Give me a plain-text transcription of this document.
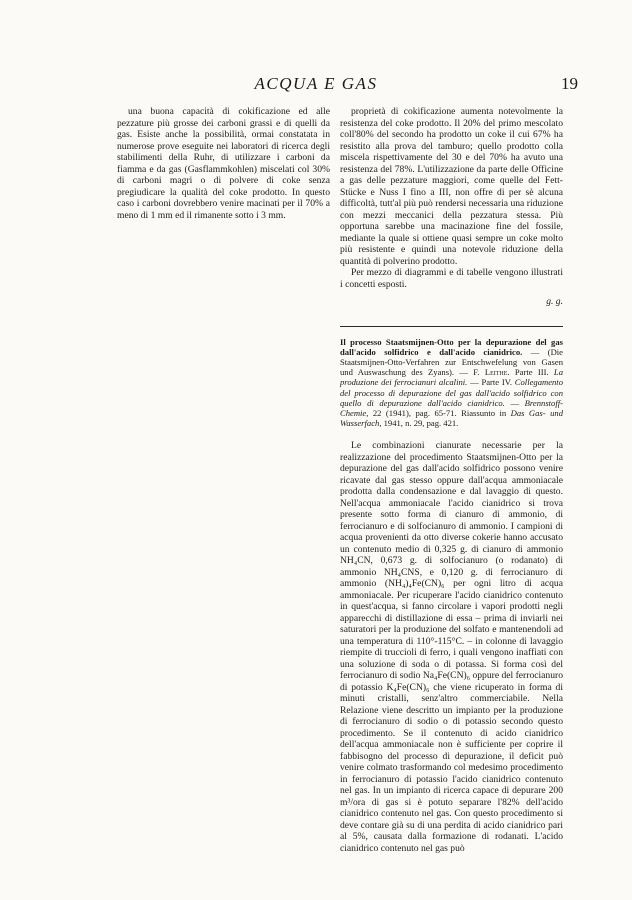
ACQUA E GAS	19

una buona capacità di cokificazione ed alle pezzature più grosse dei carboni grassi e di quelli da gas. Esiste anche la possibilità, ormai constatata in numerose prove eseguite nei laboratori di ricerca degli stabilimenti della Ruhr, di utilizzare i carboni da fiamma e da gas (Gasflammkohlen) miscelati col 30% di carboni magri o di polvere di coke senza pregiudicare la qualità del coke prodotto. In questo caso i carboni dovrebbero venire macinati per il 70% a meno di 1 mm ed il rimanente sotto i 3 mm.

proprietà di cokificazione aumenta notevolmente la resistenza del coke prodotto. Il 20% del primo mescolato coll'80% del secondo ha prodotto un coke il cui 67% ha resistito alla prova del tamburo; quello prodotto colla miscela rispettivamente del 30 e del 70% ha avuto una resistenza del 78%. L'utilizzazione da parte delle Officine a gas delle pezzature maggiori, come quelle del Fett-Stücke e Nuss I fino a III, non offre di per sè alcuna difficoltà, tutt'al più può rendersi necessaria una riduzione con mezzi meccanici della pezzatura stessa. Più opportuna sarebbe una macinazione fine del fossile, mediante la quale si ottiene quasi sempre un coke molto più resistente e quindi una notevole riduzione della quantità di polverino prodotto.

Per mezzo di diagrammi e di tabelle vengono illustrati i concetti esposti.

g. g.

Il processo Staatsmijnen-Otto per la depurazione del gas dall'acido solfidrico e dall'acido cianidrico. — (Die Staatsmijnen-Otto-Verfahren zur Entschwefelung von Gasen und Auswaschung des Zyans). — F. Leithe. Parte III. La produzione dei ferrocianuri alcalini. — Parte IV. Collegamento del processo di depurazione del gas dall'acido solfidrico con quello di depurazione dall'acido cianidrico. — Brennstoff-Chemie, 22 (1941), pag. 65-71. Riassunto in Das Gas- und Wasserfach, 1941, n. 29, pag. 421.

Le combinazioni cianurate necessarie per la realizzazione del procedimento Staatsmijnen-Otto per la depurazione del gas dall'acido solfidrico possono venire ricavate dal gas stesso oppure dall'acqua ammoniacale prodotta dalla condensazione e dal lavaggio di questo. Nell'acqua ammoniacale l'acido cianidrico si trova presente sotto forma di cianuro di ammonio, di ferrocianuro e di solfocianuro di ammonio. I campioni di acqua provenienti da otto diverse cokerie hanno accusato un contenuto medio di 0,325 g. di cianuro di ammonio NH₄CN, 0,673 g. di solfocianuro (o rodanato) di ammonio NH₄CNS, e 0,120 g. di ferrocianuro di ammonio (NH₄)₄Fe(CN)₆ per ogni litro di acqua ammoniacale. Per ricuperare l'acido cianidrico contenuto in quest'acqua, si fanno circolare i vapori prodotti negli apparecchi di distillazione di essa – prima di inviarli nei saturatori per la produzione del solfato e mantenendoli ad una temperatura di 110°-115°C. – in colonne di lavaggio riempite di truccioli di ferro, i quali vengono inaffiati con una soluzione di soda o di potassa. Si forma così del ferrocianuro di sodio Na₄Fe(CN)₆ oppure del ferrocianuro di potassio K₄Fe(CN)₆ che viene ricuperato in forma di minuti cristalli, senz'altro commerciabile. Nella Relazione viene descritto un impianto per la produzione di ferrocianuro di sodio o di potassio secondo questo procedimento. Se il contenuto di acido cianidrico dell'acqua ammoniacale non è sufficiente per coprire il fabbisogno del processo di depurazione, il deficit può venire colmato trasformando col medesimo procedimento in ferrocianuro di potassio l'acido cianidrico contenuto nel gas. In un impianto di ricerca capace di depurare 200 m³/ora di gas si è potuto separare l'82% dell'acido cianidrico contenuto nel gas. Con questo procedimento si deve contare già su di una perdita di acido cianidrico pari al 5%, causata dalla formazione di rodanati. L'acido cianidrico contenuto nel gas può
